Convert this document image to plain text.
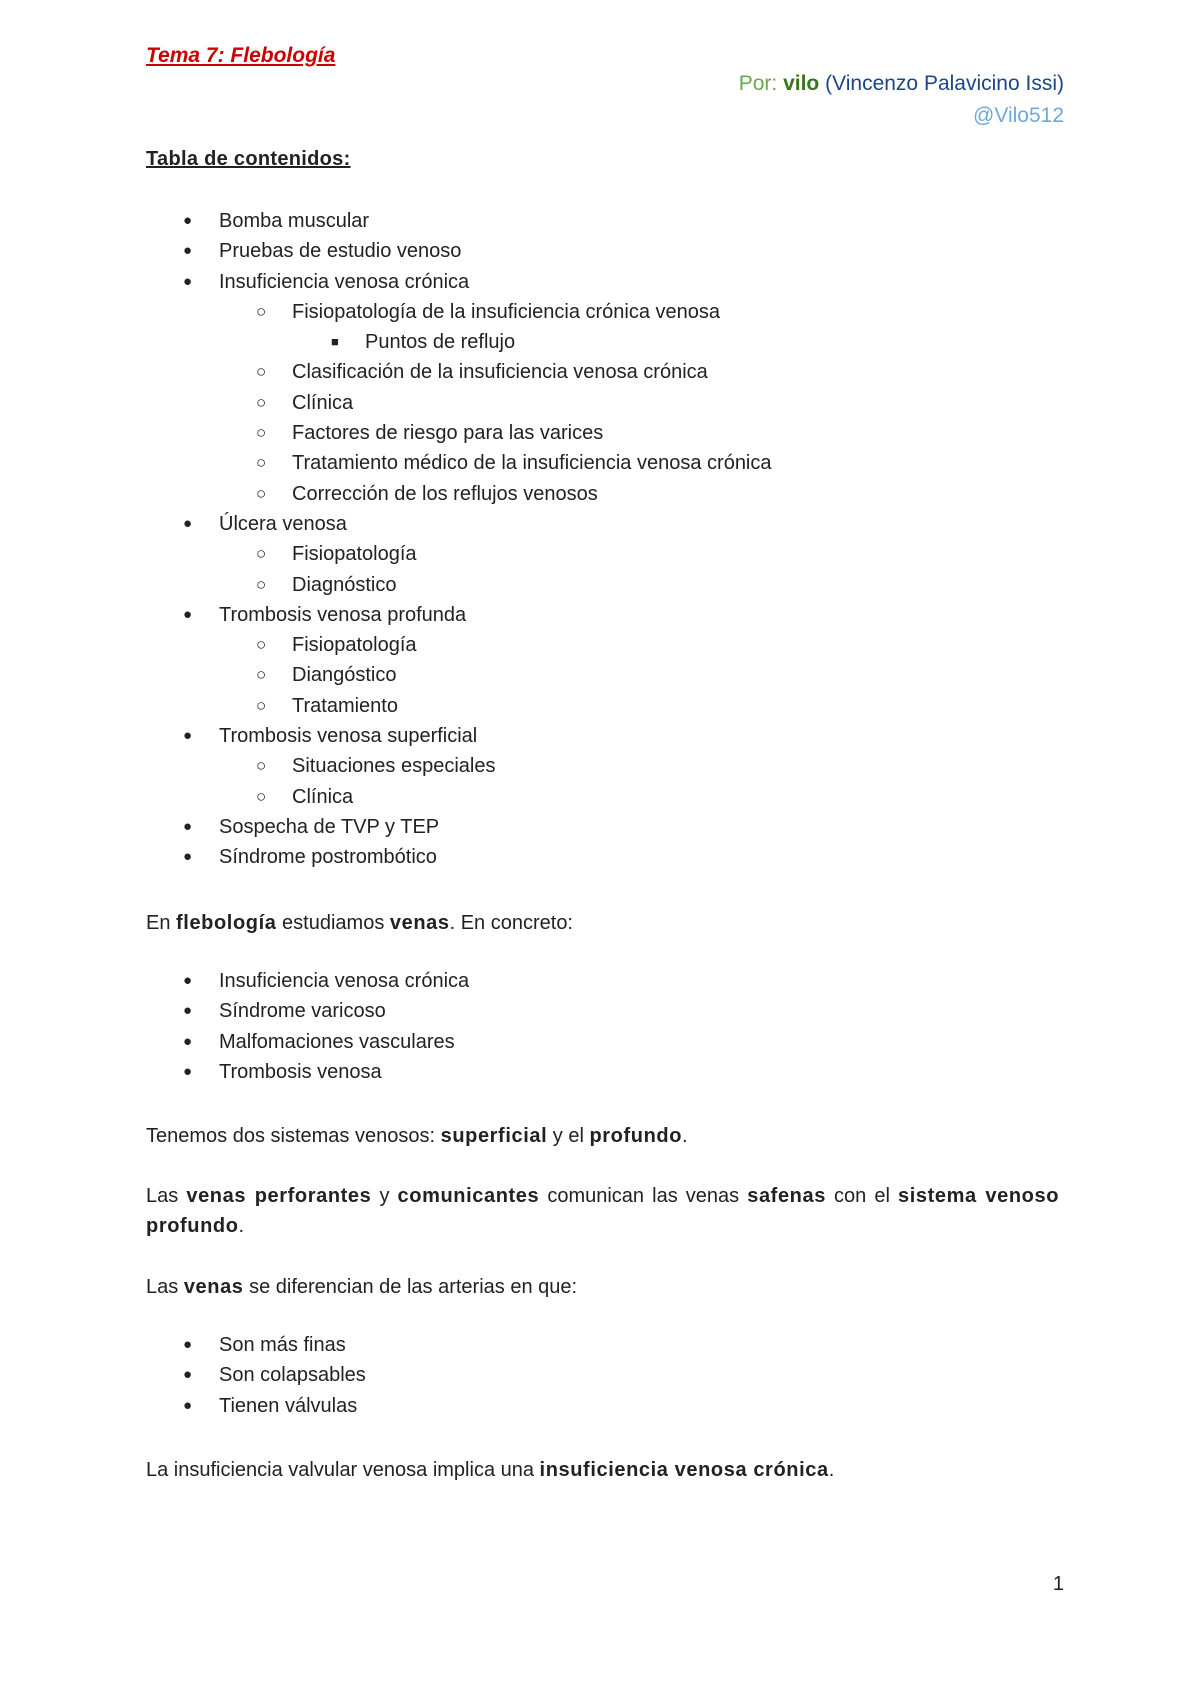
Tema 7: Flebología
Por: vilo (Vincenzo Palavicino Issi)
@Vilo512
Tabla de contenidos:
● Bomba muscular
● Pruebas de estudio venoso
● Insuficiencia venosa crónica
○ Fisiopatología de la insuficiencia crónica venosa
■ Puntos de reflujo
○ Clasificación de la insuficiencia venosa crónica
○ Clínica
○ Factores de riesgo para las varices
○ Tratamiento médico de la insuficiencia venosa crónica
○ Corrección de los reflujos venosos
● Úlcera venosa
○ Fisiopatología
○ Diagnóstico
● Trombosis venosa profunda
○ Fisiopatología
○ Diangóstico
○ Tratamiento
● Trombosis venosa superficial
○ Situaciones especiales
○ Clínica
● Sospecha de TVP y TEP
● Síndrome postrombótico

En flebología estudiamos venas. En concreto:

● Insuficiencia venosa crónica
● Síndrome varicoso
● Malfomaciones vasculares
● Trombosis venosa

Tenemos dos sistemas venosos: superficial y el profundo.

Las venas perforantes y comunicantes comunican las venas safenas con el sistema venoso profundo.

Las venas se diferencian de las arterias en que:

● Son más finas
● Son colapsables
● Tienen válvulas

La insuficiencia valvular venosa implica una insuficiencia venosa crónica.

1
